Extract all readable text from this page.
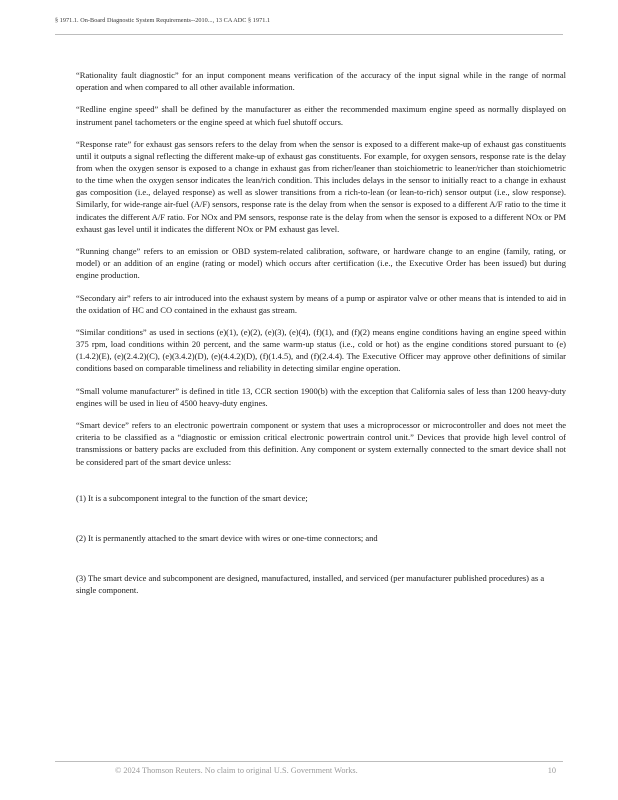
§ 1971.1. On-Board Diagnostic System Requirements--2010..., 13 CA ADC § 1971.1

“Rationality fault diagnostic” for an input component means verification of the accuracy of the input signal while in the range of normal operation and when compared to all other available information.

“Redline engine speed” shall be defined by the manufacturer as either the recommended maximum engine speed as normally displayed on instrument panel tachometers or the engine speed at which fuel shutoff occurs.

“Response rate” for exhaust gas sensors refers to the delay from when the sensor is exposed to a different make-up of exhaust gas constituents until it outputs a signal reflecting the different make-up of exhaust gas constituents. For example, for oxygen sensors, response rate is the delay from when the oxygen sensor is exposed to a change in exhaust gas from richer/leaner than stoichiometric to leaner/richer than stoichiometric to the time when the oxygen sensor indicates the lean/rich condition. This includes delays in the sensor to initially react to a change in exhaust gas composition (i.e., delayed response) as well as slower transitions from a rich-to-lean (or lean-to-rich) sensor output (i.e., slow response). Similarly, for wide-range air-fuel (A/F) sensors, response rate is the delay from when the sensor is exposed to a different A/F ratio to the time it indicates the different A/F ratio. For NOx and PM sensors, response rate is the delay from when the sensor is exposed to a different NOx or PM exhaust gas level until it indicates the different NOx or PM exhaust gas level.

“Running change” refers to an emission or OBD system-related calibration, software, or hardware change to an engine (family, rating, or model) or an addition of an engine (rating or model) which occurs after certification (i.e., the Executive Order has been issued) but during engine production.

“Secondary air” refers to air introduced into the exhaust system by means of a pump or aspirator valve or other means that is intended to aid in the oxidation of HC and CO contained in the exhaust gas stream.

“Similar conditions” as used in sections (e)(1), (e)(2), (e)(3), (e)(4), (f)(1), and (f)(2) means engine conditions having an engine speed within 375 rpm, load conditions within 20 percent, and the same warm-up status (i.e., cold or hot) as the engine conditions stored pursuant to (e)(1.4.2)(E), (e)(2.4.2)(C), (e)(3.4.2)(D), (e)(4.4.2)(D), (f)(1.4.5), and (f)(2.4.4). The Executive Officer may approve other definitions of similar conditions based on comparable timeliness and reliability in detecting similar engine operation.

“Small volume manufacturer” is defined in title 13, CCR section 1900(b) with the exception that California sales of less than 1200 heavy-duty engines will be used in lieu of 4500 heavy-duty engines.

“Smart device” refers to an electronic powertrain component or system that uses a microprocessor or microcontroller and does not meet the criteria to be classified as a “diagnostic or emission critical electronic powertrain control unit.” Devices that provide high level control of transmissions or battery packs are excluded from this definition. Any component or system externally connected to the smart device shall not be considered part of the smart device unless:

(1) It is a subcomponent integral to the function of the smart device;

(2) It is permanently attached to the smart device with wires or one-time connectors; and

(3) The smart device and subcomponent are designed, manufactured, installed, and serviced (per manufacturer published procedures) as a single component.

© 2024 Thomson Reuters. No claim to original U.S. Government Works.	10
